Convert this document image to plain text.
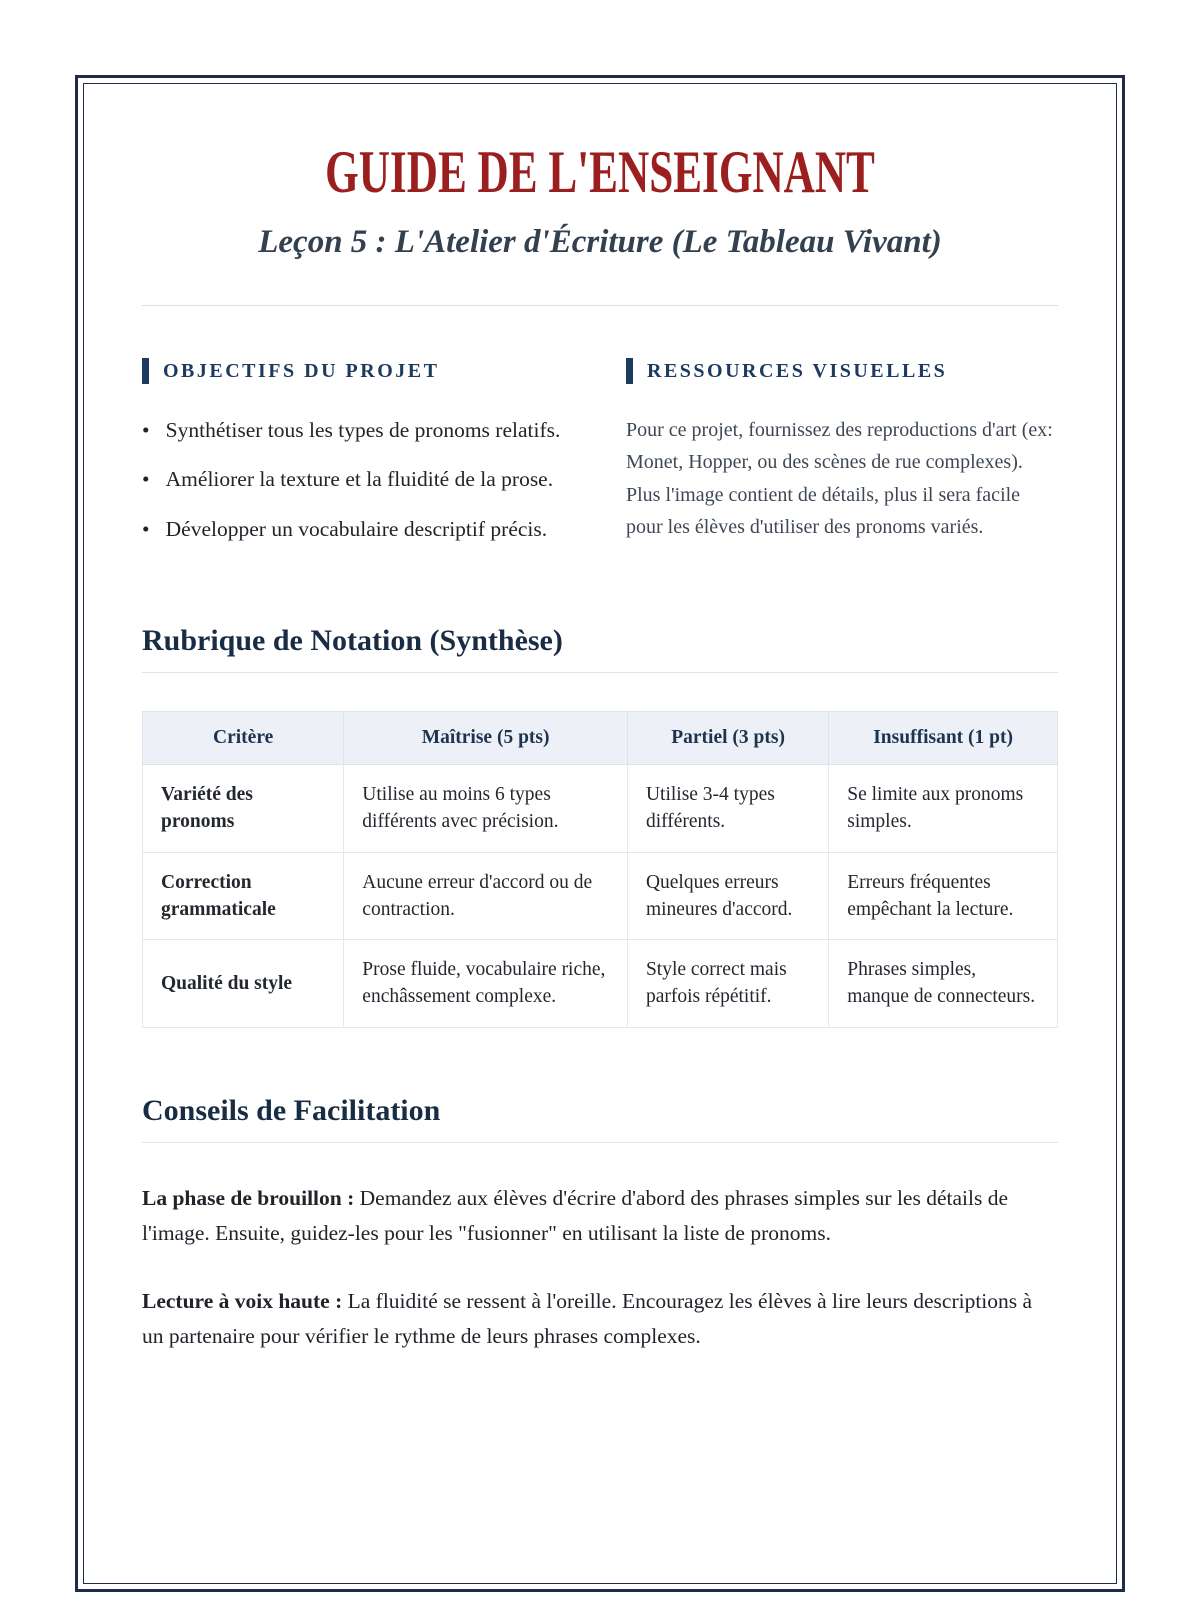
GUIDE DE L'ENSEIGNANT
Leçon 5 : L'Atelier d'Écriture (Le Tableau Vivant)
OBJECTIFS DU PROJET

•   Synthétiser tous les types de pronoms relatifs.

•   Améliorer la texture et la fluidité de la prose.

•   Développer un vocabulaire descriptif précis.

RESSOURCES VISUELLES

Pour ce projet, fournissez des reproductions d'art (ex: Monet, Hopper, ou des scènes de rue complexes). Plus l'image contient de détails, plus il sera facile pour les élèves d'utiliser des pronoms variés.

Rubrique de Notation (Synthèse)
Critère	Maîtrise (5 pts)	Partiel (3 pts)	Insuffisant (1 pt)
Variété des pronoms	Utilise au moins 6 types différents avec précision.	Utilise 3-4 types différents.	Se limite aux pronoms simples.
Correction grammaticale	Aucune erreur d'accord ou de contraction.	Quelques erreurs mineures d'accord.	Erreurs fréquentes empêchant la lecture.
Qualité du style	Prose fluide, vocabulaire riche, enchâssement complexe.	Style correct mais parfois répétitif.	Phrases simples, manque de connecteurs.
Conseils de Facilitation

La phase de brouillon : Demandez aux élèves d'écrire d'abord des phrases simples sur les détails de l'image. Ensuite, guidez-les pour les "fusionner" en utilisant la liste de pronoms.

Lecture à voix haute : La fluidité se ressent à l'oreille. Encouragez les élèves à lire leurs descriptions à un partenaire pour vérifier le rythme de leurs phrases complexes.
